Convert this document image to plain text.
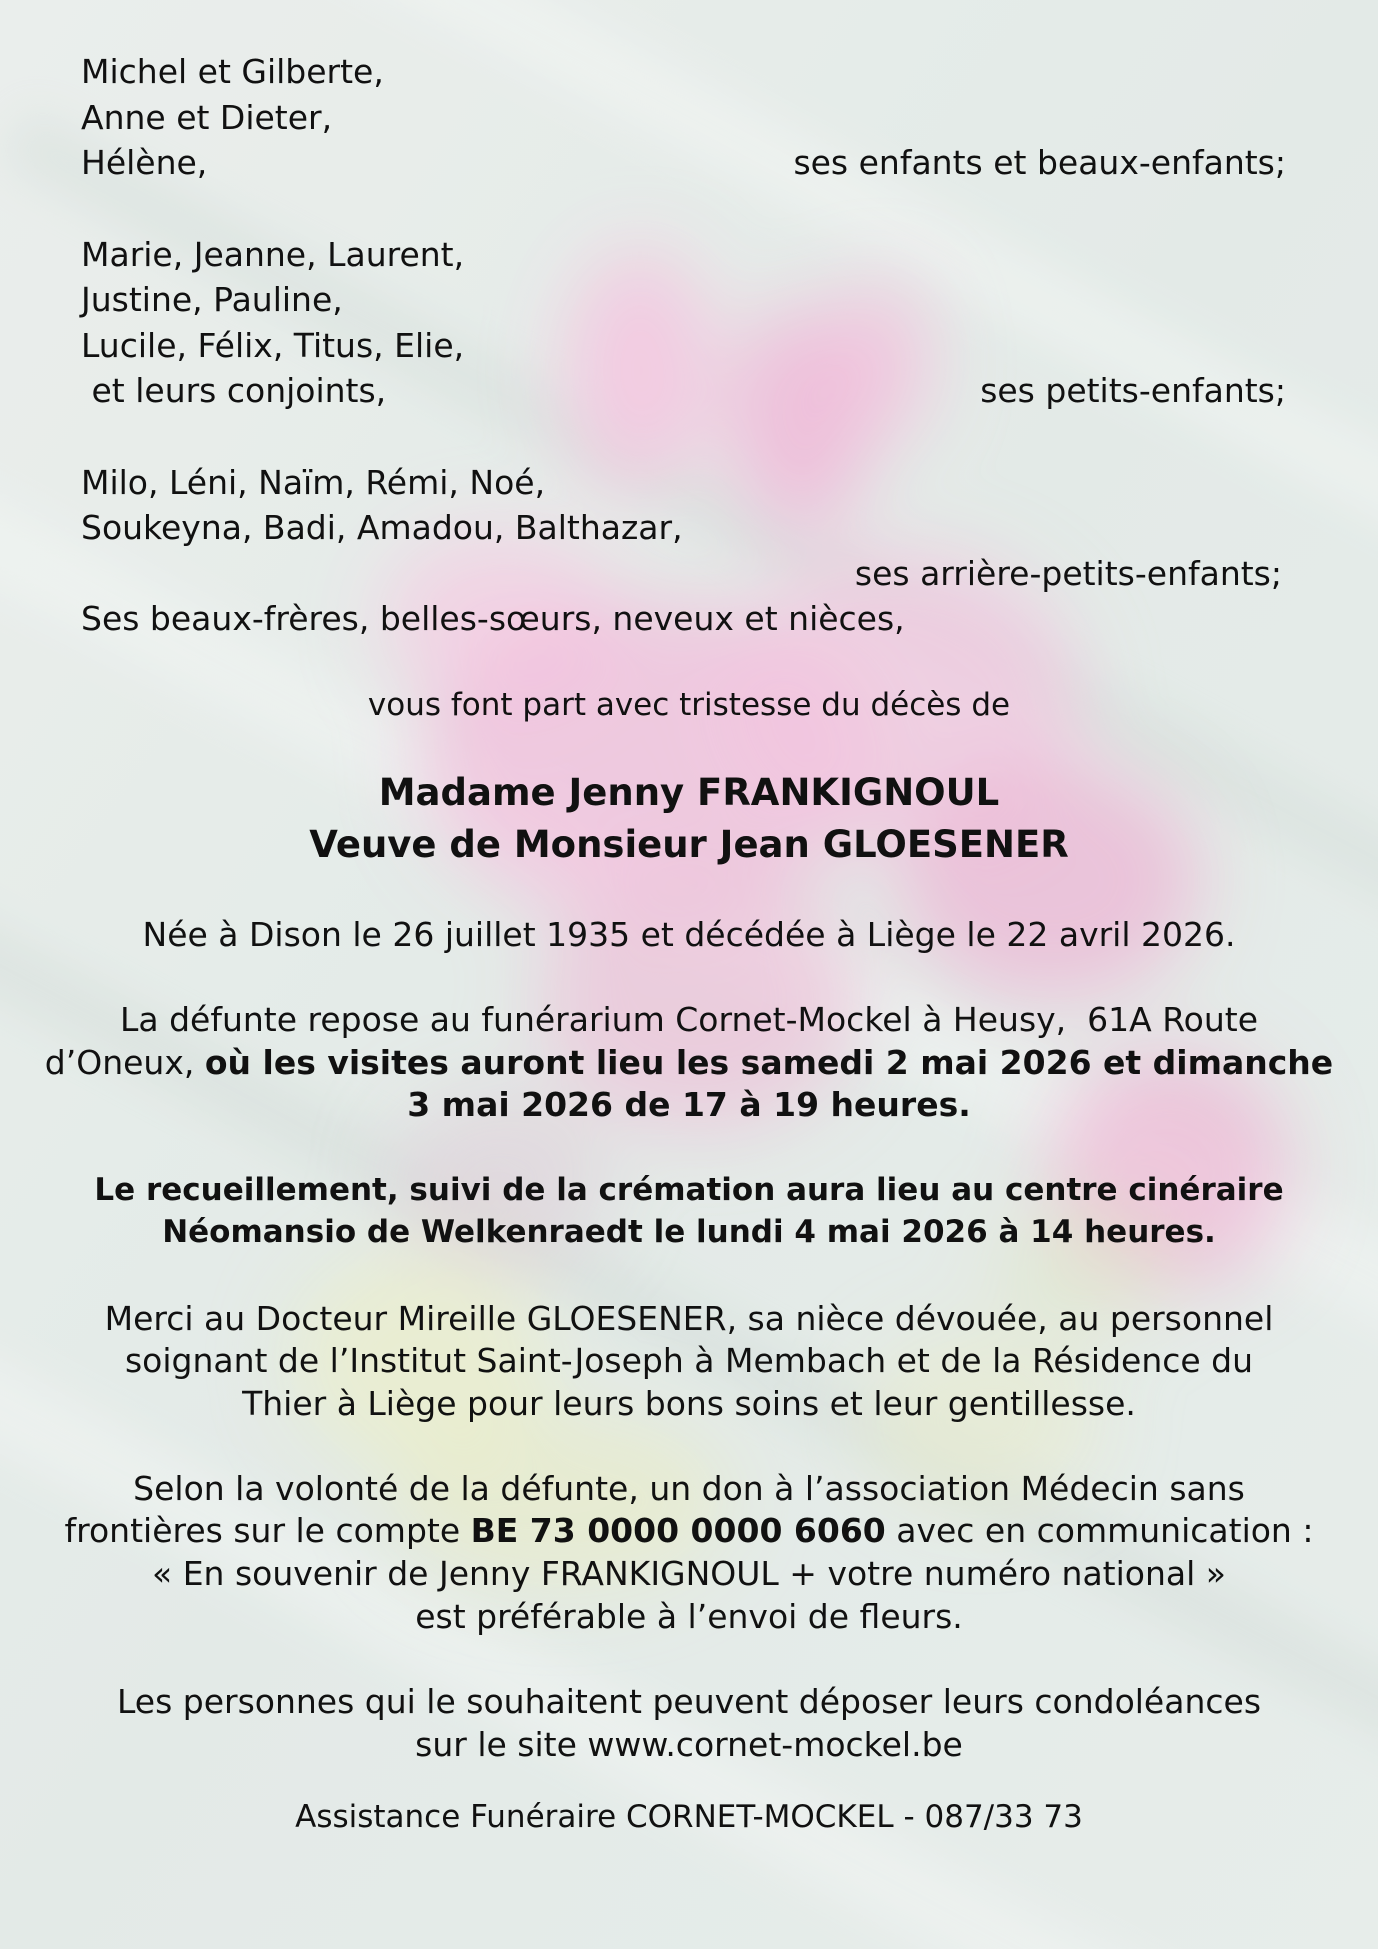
Michel et Gilberte,
Anne et Dieter,
Hélène,	ses enfants et beaux-enfants;
Marie, Jeanne, Laurent,
Justine, Pauline,
Lucile, Félix, Titus, Elie,
et leurs conjoints,	ses petits-enfants;
Milo, Léni, Naïm, Rémi, Noé,
Soukeyna, Badi, Amadou, Balthazar,
ses arrière-petits-enfants;
Ses beaux-frères, belles-sœurs, neveux et nièces,
vous font part avec tristesse du décès de
Madame Jenny FRANKIGNOUL
Veuve de Monsieur Jean GLOESENER
Née à Dison le 26 juillet 1935 et décédée à Liège le 22 avril 2026.
La défunte repose au funérarium Cornet-Mockel à Heusy,  61A Route
d’Oneux, où les visites auront lieu les samedi 2 mai 2026 et dimanche
3 mai 2026 de 17 à 19 heures.
Le recueillement, suivi de la crémation aura lieu au centre cinéraire
Néomansio de Welkenraedt le lundi 4 mai 2026 à 14 heures.
Merci au Docteur Mireille GLOESENER, sa nièce dévouée, au personnel
soignant de l’Institut Saint-Joseph à Membach et de la Résidence du
Thier à Liège pour leurs bons soins et leur gentillesse.
Selon la volonté de la défunte, un don à l’association Médecin sans
frontières sur le compte BE 73 0000 0000 6060 avec en communication :
« En souvenir de Jenny FRANKIGNOUL + votre numéro national »
est préférable à l’envoi de fleurs.
Les personnes qui le souhaitent peuvent déposer leurs condoléances
sur le site www.cornet-mockel.be
Assistance Funéraire CORNET-MOCKEL - 087/33 73
